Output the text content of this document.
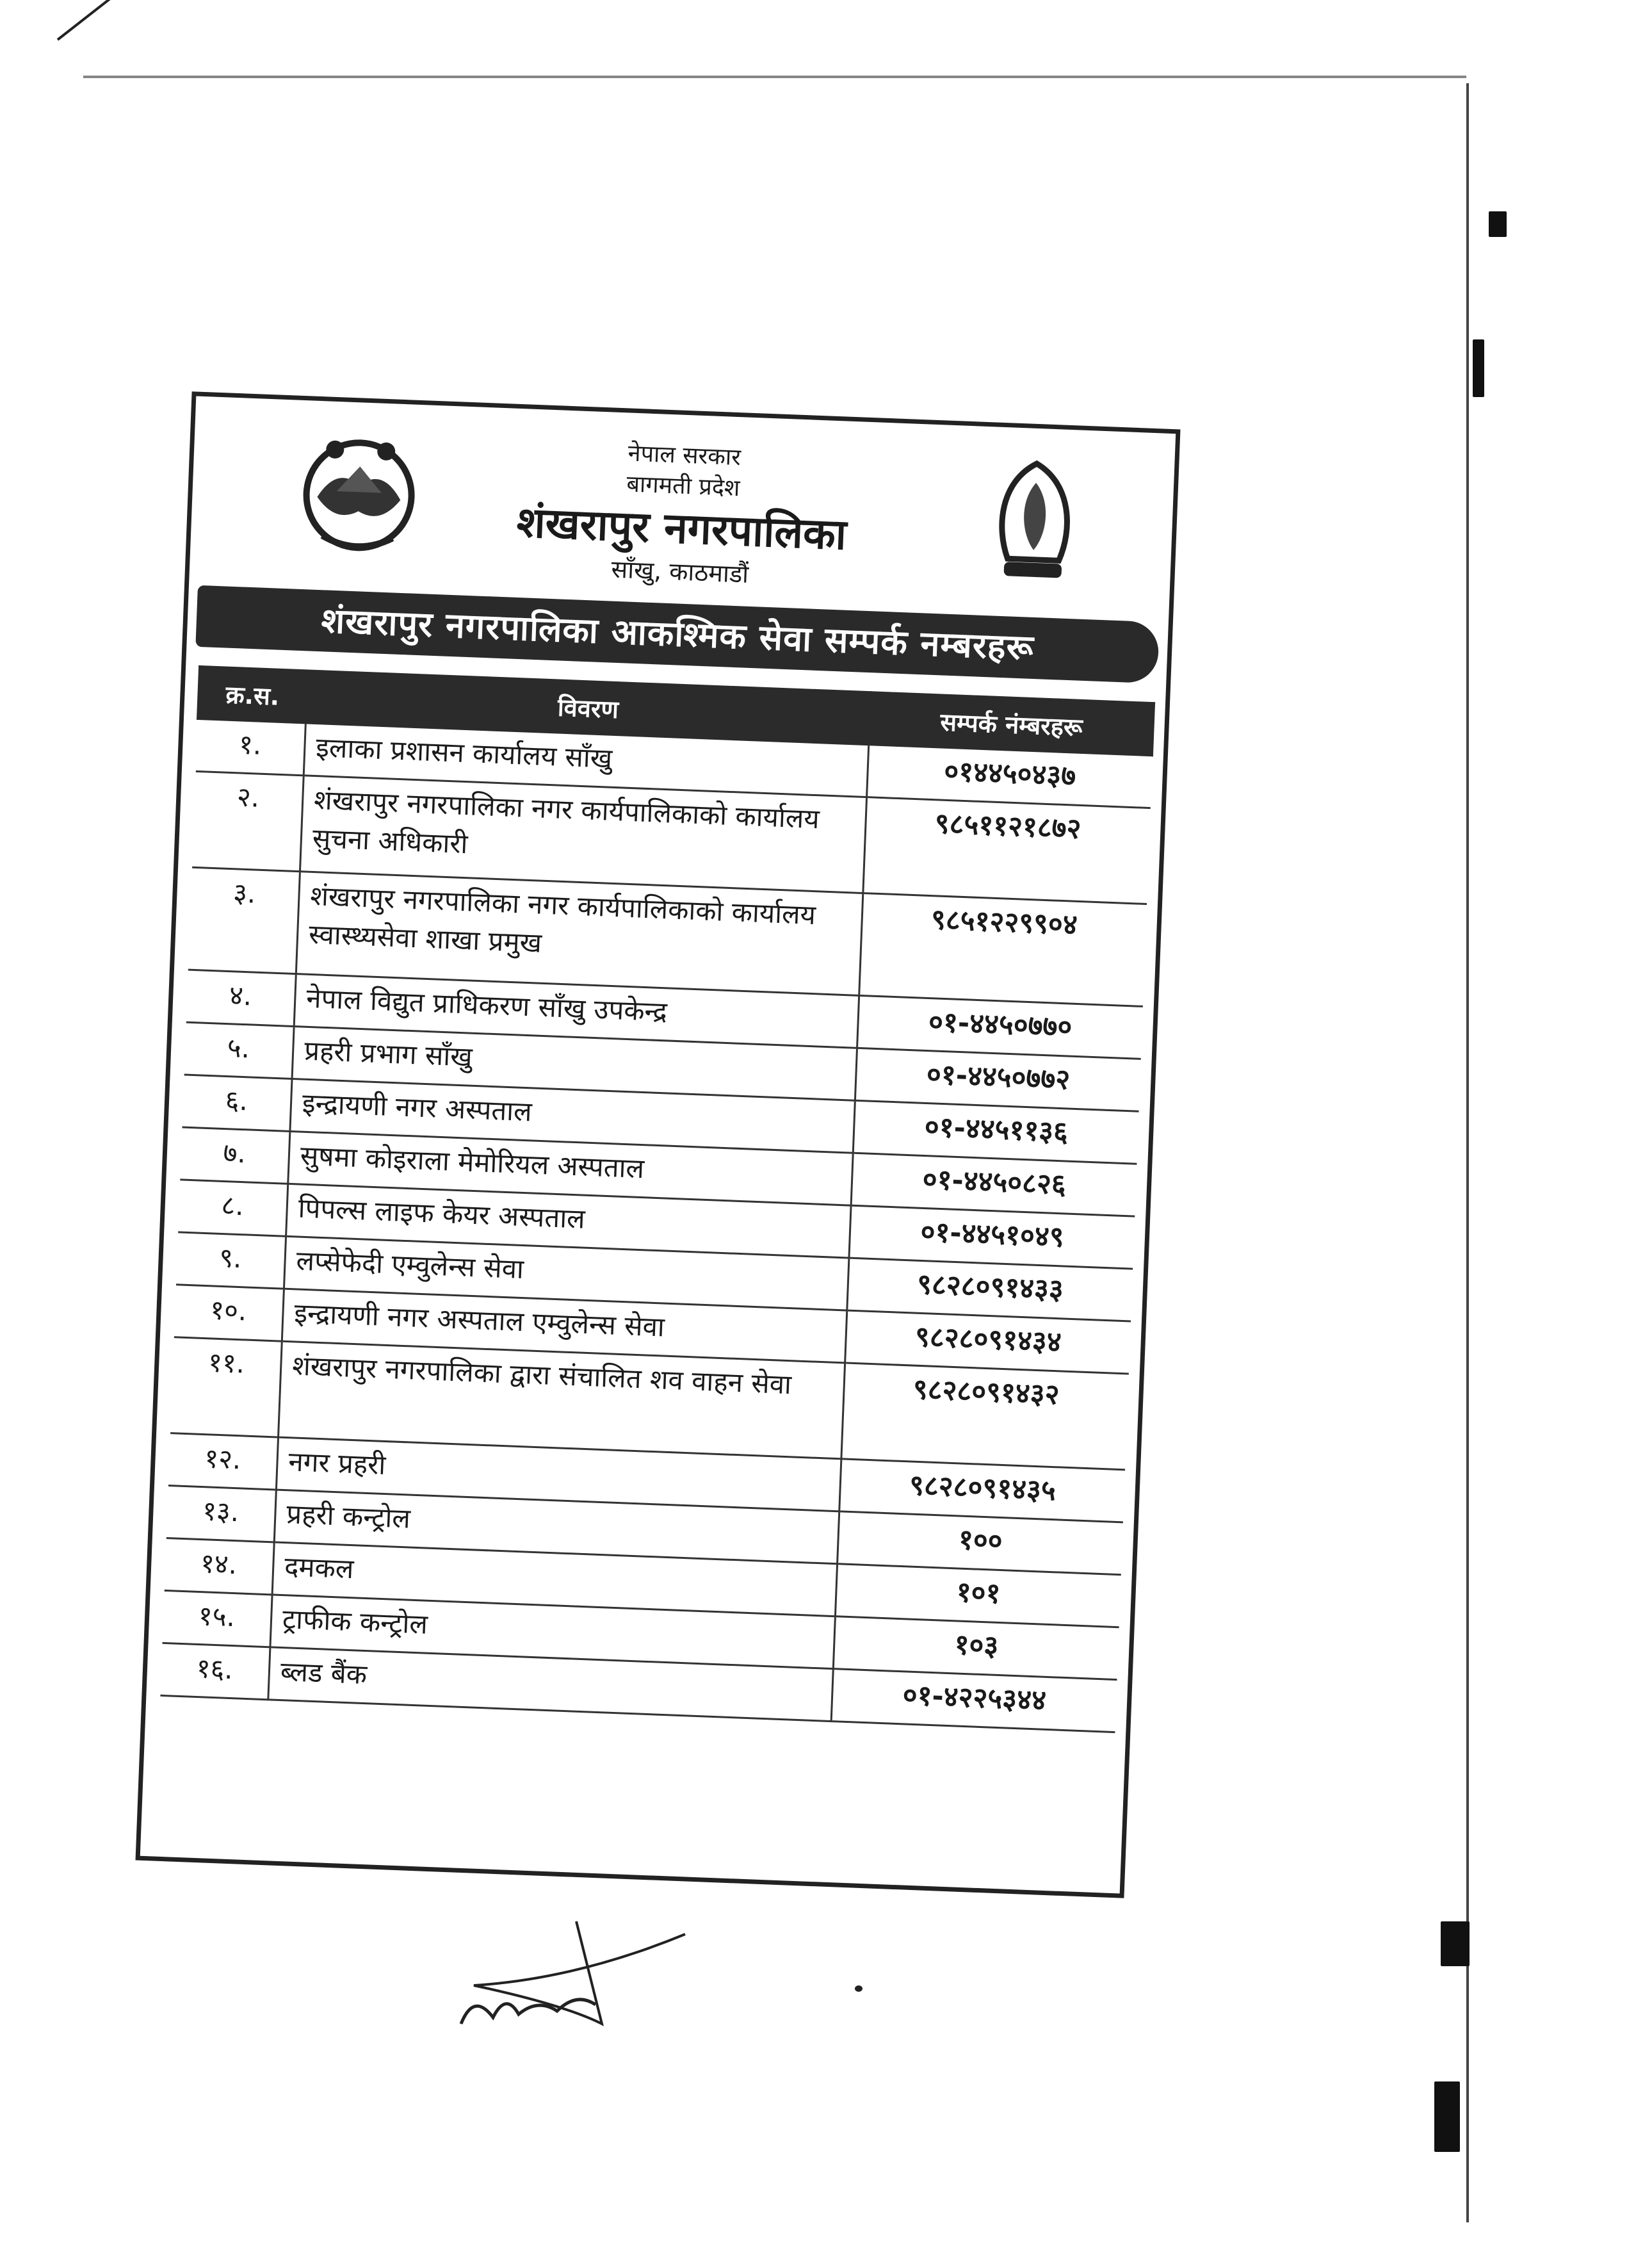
नेपाल सरकार
बागमती प्रदेश
शंखरापुर नगरपालिका
साँखु, काठमाडौं
शंखरापुर नगरपालिका आकश्मिक सेवा सम्पर्क नम्बरहरू
क्र.स.	विवरण	सम्पर्क नंम्बरहरू
१.	इलाका प्रशासन कार्यालय साँखु	०१४४५०४३७
२.	शंखरापुर नगरपालिका नगर कार्यपालिकाको कार्यालय सुचना अधिकारी	९८५११२१८७२
३.	शंखरापुर नगरपालिका नगर कार्यपालिकाको कार्यालय स्वास्थ्यसेवा शाखा प्रमुख	९८५१२२९९०४
४.	नेपाल विद्युत प्राधिकरण साँखु उपकेन्द्र	०१-४४५०७७०
५.	प्रहरी प्रभाग साँखु	०१-४४५०७७२
६.	इन्द्रायणी नगर अस्पताल	०१-४४५११३६
७.	सुषमा कोइराला मेमोरियल अस्पताल	०१-४४५०८२६
८.	पिपल्स लाइफ केयर अस्पताल	०१-४४५१०४९
९.	लप्सेफेदी एम्वुलेन्स सेवा	९८२८०९१४३३
१०.	इन्द्रायणी नगर अस्पताल एम्वुलेन्स सेवा	९८२८०९१४३४
११.	शंखरापुर नगरपालिका द्वारा संचालित शव वाहन सेवा	९८२८०९१४३२
१२.	नगर प्रहरी	९८२८०९१४३५
१३.	प्रहरी कन्ट्रोल	१००
१४.	दमकल	१०१
१५.	ट्राफीक कन्ट्रोल	१०३
१६.	ब्लड बैंक	०१-४२२५३४४
